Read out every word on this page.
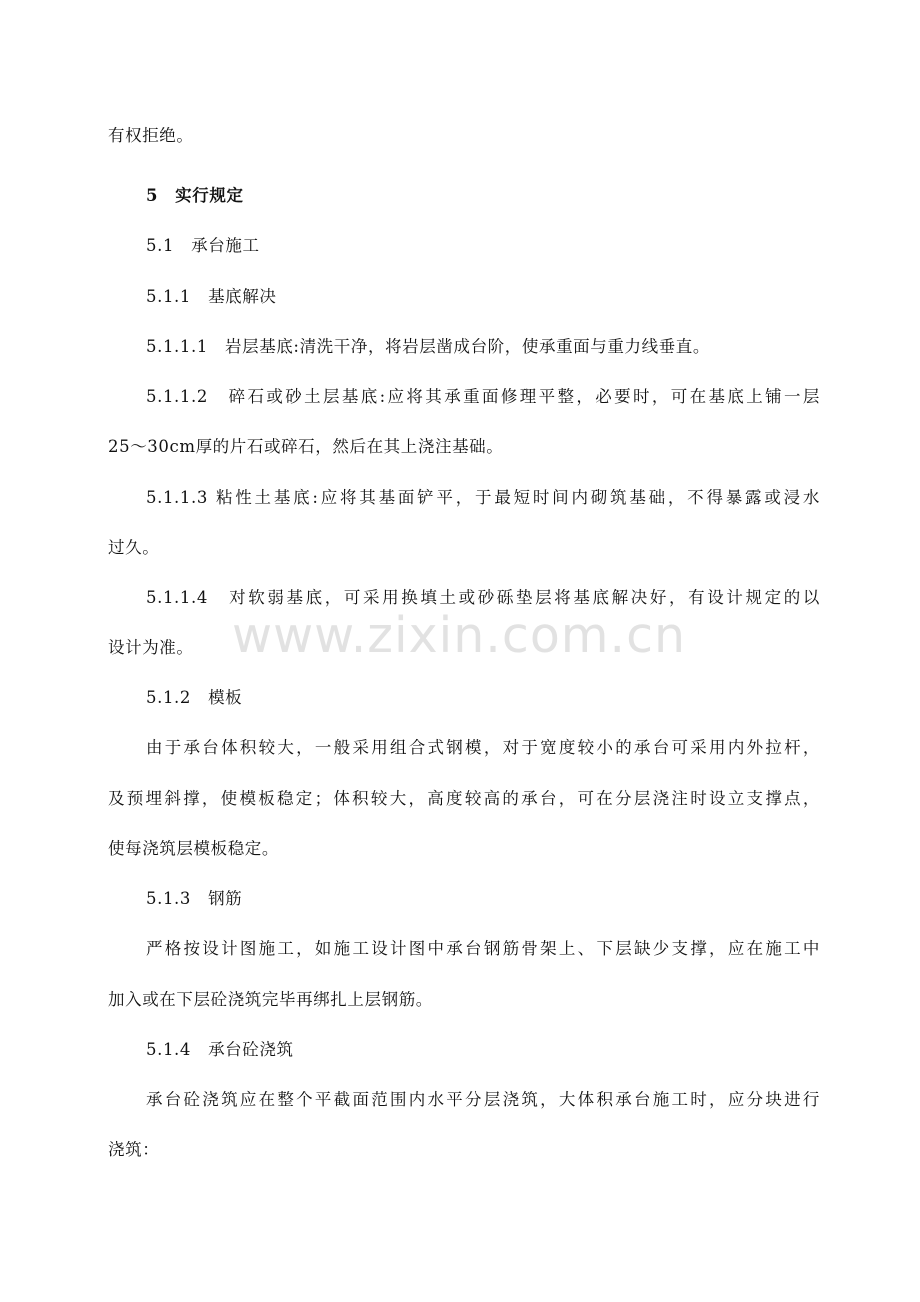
www.zixin.com.cn
有权拒绝。
5　实行规定
5.1　承台施工
5.1.1　基底解决
5.1.1.1　岩层基底:清洗干净，将岩层凿成台阶，使承重面与重力线垂直。
5.1.1.2　碎石或砂土层基底:应将其承重面修理平整，必要时，可在基底上铺一层
25～30cm厚的片石或碎石，然后在其上浇注基础。
5.1.1.3 粘性土基底:应将其基面铲平，于最短时间内砌筑基础，不得暴露或浸水
过久。
5.1.1.4　对软弱基底，可采用换填土或砂砾垫层将基底解决好，有设计规定的以
设计为准。
5.1.2　模板
由于承台体积较大，一般采用组合式钢模，对于宽度较小的承台可采用内外拉杆，
及预埋斜撑，使模板稳定；体积较大，高度较高的承台，可在分层浇注时设立支撑点，
使每浇筑层模板稳定。
5.1.3　钢筋
严格按设计图施工，如施工设计图中承台钢筋骨架上、下层缺少支撑，应在施工中
加入或在下层砼浇筑完毕再绑扎上层钢筋。
5.1.4　承台砼浇筑
承台砼浇筑应在整个平截面范围内水平分层浇筑，大体积承台施工时，应分块进行
浇筑：
